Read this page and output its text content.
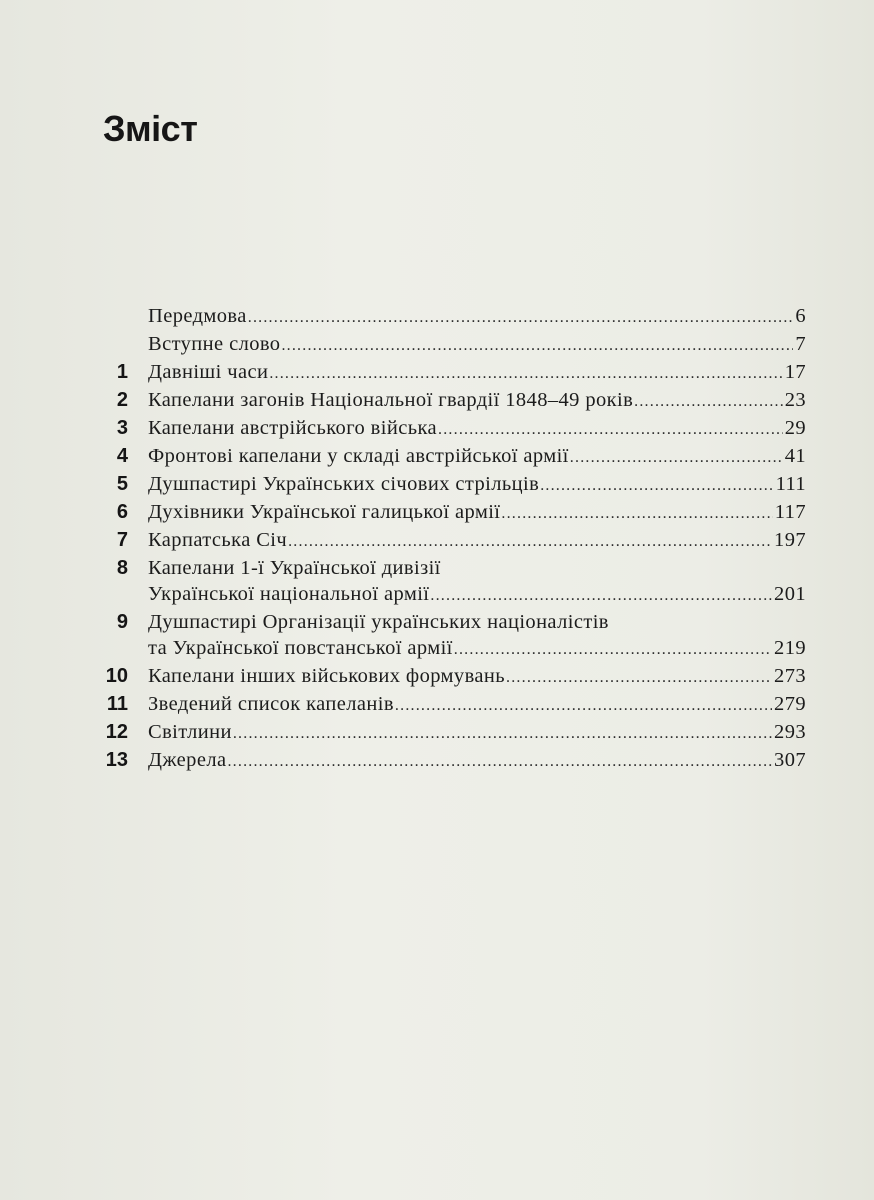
Зміст
Передмова .....	6
Вступне слово .....	7
1 Давніші часи .....	17
2 Капелани загонів Національної гвардії 1848–49 років .....	23
3 Капелани австрійського війська .....	29
4 Фронтові капелани у складі австрійської армії .....	41
5 Душпастирі Українських січових стрільців .....	111
6 Духівники Української галицької армії .....	117
7 Карпатська Січ .....	197
8 Капелани 1-ї Української дивізії
Української національної армії .....	201
9 Душпастирі Організації українських націоналістів
та Української повстанської армії .....	219
10 Капелани інших військових формувань .....	273
11 Зведений список капеланів .....	279
12 Світлини .....	293
13 Джерела .....	307
